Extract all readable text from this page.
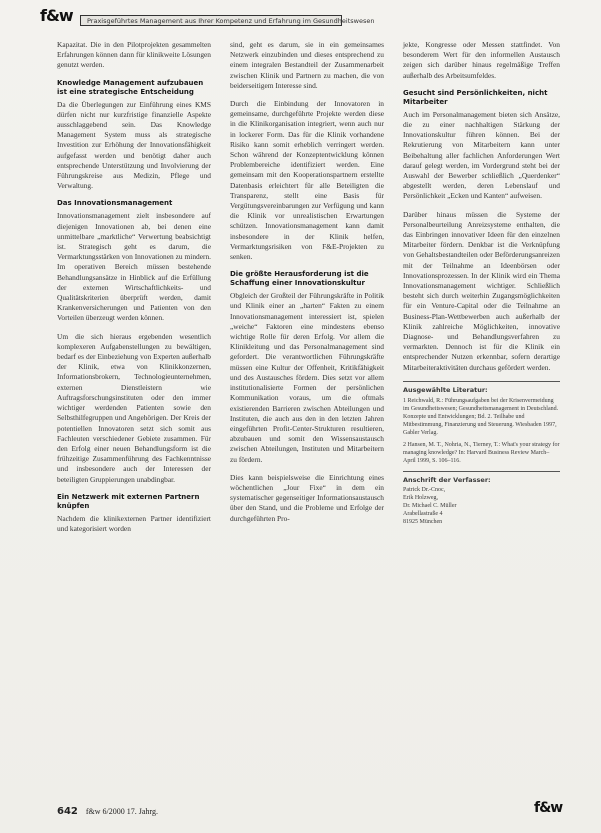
f&w	Praxisgeführtes Management aus Ihrer Kompetenz und Erfahrung im Gesundheitswesen

Kapazitat. Die in den Pilotprojekten gesammelten Erfahrungen können dann für klinikweite Lösungen genutzt werden.

Knowledge Management aufzubauen ist eine strategische Entscheidung

Da die Überlegungen zur Einführung eines KMS dürfen nicht nur kurzfristige finanzielle Aspekte ausschlaggebend sein. Das Knowledge Management System muss als strategische Investition zur Erhöhung der Innovationsfähigkeit aufgefasst werden und benötigt daher auch entsprechende Unterstützung und Involvierung der Führungskreise aus Medizin, Pflege und Verwaltung.

Das Innovationsmanagement

Innovationsmanagement zielt insbesondere auf diejenigen Innovationen ab, bei denen eine unmittelbare „marktliche“ Verwertung beabsichtigt ist. Strategisch geht es darum, die Vermarktungsstärken von Innovationen zu mindern. Im operativen Bereich müssen bestehende Behandlungsansätze in Hinblick auf die Erfüllung der externen Wirtschaftlichkeits- und Qualitätskriterien überprüft werden, damit Krankenversicherungen und Patienten von den Vorteilen überzeugt werden können.

Um die sich hieraus ergebenden wesentlich komplexeren Aufgabenstellungen zu bewältigen, bedarf es der Einbeziehung von Experten außerhalb der Klinik, etwa von Klinikkonzernen, Informationsbrokern, Technologieunternehmen, externen Dienstleistern wie Auftragsforschungsinstituten oder den immer wichtiger werdenden Patienten sowie den Selbsthilfegruppen und Angehörigen. Der Kreis der potentiellen Innovatoren setzt sich somit aus Fachleuten verschiedener Gebiete zusammen. Für den Erfolg einer neuen Behandlungsform ist die frühzeitige Zusammenführung des Fachkenntnisse und insbesondere auch der Interessen der beteiligten Gruppierungen unabdingbar.

Ein Netzwerk mit externen Partnern knüpfen

Nachdem die klinikexternen Partner identifiziert und kategorisiert worden

sind, geht es darum, sie in ein gemeinsames Netzwerk einzubinden und dieses entsprechend zu einem integralen Bestandteil der Zusammenarbeit zwischen Klinik und Partnern zu machen, die von beiderseitigem Interesse sind.

Durch die Einbindung der Innovatoren in gemeinsame, durchgeführte Projekte werden diese in die Klinikorganisation integriert, wenn auch nur in lockerer Form. Das für die Klinik vorhandene Risiko kann somit erheblich verringert werden. Schon während der Konzeptentwicklung können Problembereiche identifiziert werden. Eine gemeinsam mit den Kooperationspartnern erstellte Datenbasis erleichtert für alle Beteiligten die Transparenz, stellt eine Basis für Vergütungsvereinbarungen zur Verfügung und kann die Klinik vor unrealistischen Erwartungen schützen. Innovationsmanagement kann damit insbesondere in der Klinik helfen, Vermarktungsrisiken von F&E-Projekten zu senken.

Die größte Herausforderung ist die Schaffung einer Innovationskultur

Obgleich der Großteil der Führungskräfte in Politik und Klinik einer an „harten“ Fakten zu einem Innovationsmanagement interessiert ist, spielen „weiche“ Faktoren eine mindestens ebenso wichtige Rolle für deren Erfolg. Vor allem die Klinikleitung und das Personalmanagement sind gefordert. Die verantwortlichen Führungskräfte müssen eine Kultur der Offenheit, Kritikfähigkeit und des Austausches fördern. Dies setzt vor allem institutionalisierte Formen der persönlichen Kommunikation voraus, um die oftmals existierenden Barrieren zwischen Abteilungen und Instituten, die auch aus den in den letzten Jahren eingeführten Profit-Center-Strukturen resultieren, abzubauen und somit den Wissensaustausch zwischen Abteilungen, Instituten und Mitarbeitern zu fördern.

Dies kann beispielsweise die Einrichtung eines wöchentlichen „Jour Fixe“ in dem ein systematischer gegenseitiger Informationsaustausch über den Stand, und die Probleme und Erfolge der durchgeführten Pro-

jekte, Kongresse oder Messen stattfindet. Von besonderem Wert für den informellen Austausch zeigen sich darüber hinaus regelmäßige Treffen außerhalb des Arbeitsumfeldes.

Gesucht sind Persönlichkeiten, nicht Mitarbeiter

Auch im Personalmanagement bieten sich Ansätze, die zu einer nachhaltigen Stärkung der Innovationskultur führen können. Bei der Rekrutierung von Mitarbeitern kann unter Beibehaltung aller fachlichen Anforderungen Wert darauf gelegt werden, im Vordergrund steht bei der Auswahl der Bewerber schließlich „Querdenker“ abgestellt werden, deren Lebenslauf und Persönlichkeit „Ecken und Kanten“ aufweisen.

Darüber hinaus müssen die Systeme der Personalbeurteilung Anreizsysteme enthalten, die das Einbringen innovativer Ideen für den einzelnen Mitarbeiter fördern. Denkbar ist die Verknüpfung von Gehaltsbestandteilen oder Beförderungsanreizen mit der Teilnahme an Ideenbörsen oder Innovationsprozessen. In der Klinik wird ein Thema Innovationsmanagement wichtiger. Schließlich besteht sich durch weiterhin Zugangsmöglichkeiten für ein Venture-Capital oder die Teilnahme an Business-Plan-Wettbewerben auch außerhalb der Klinik zahlreiche Möglichkeiten, innovative Diagnose- und Behandlungsverfahren zu vermarkten. Dennoch ist für die Klinik ein entsprechender Nutzen erkennbar, sofern derartige Mitarbeiteraktivitäten durchaus gefördert werden.

Ausgewählte Literatur:
1 Reichwald, R.: Führungsaufgaben bei der Krisenvermeidung im Gesundheitswesen; Gesundheitsmanagement in Deutschland. Konzepte und Entwicklungen; Bd. 2. Teilhabe und Mitbestimmung, Finanzierung und Steuerung. Wiesbaden 1997, Gabler Verlag.
2 Hansen, M. T., Nohria, N., Tierney, T.: What's your strategy for managing knowledge? In: Harvard Business Review March–April 1999, S. 106–116.
Anschrift der Verfasser:
Patrick Dr.-Cnoc,
Erik Holzweg,
Dr. Michael C. Müller
Arabellastraße 4
81925 München
642 f&w 6/2000 17. Jahrg.	f&w
